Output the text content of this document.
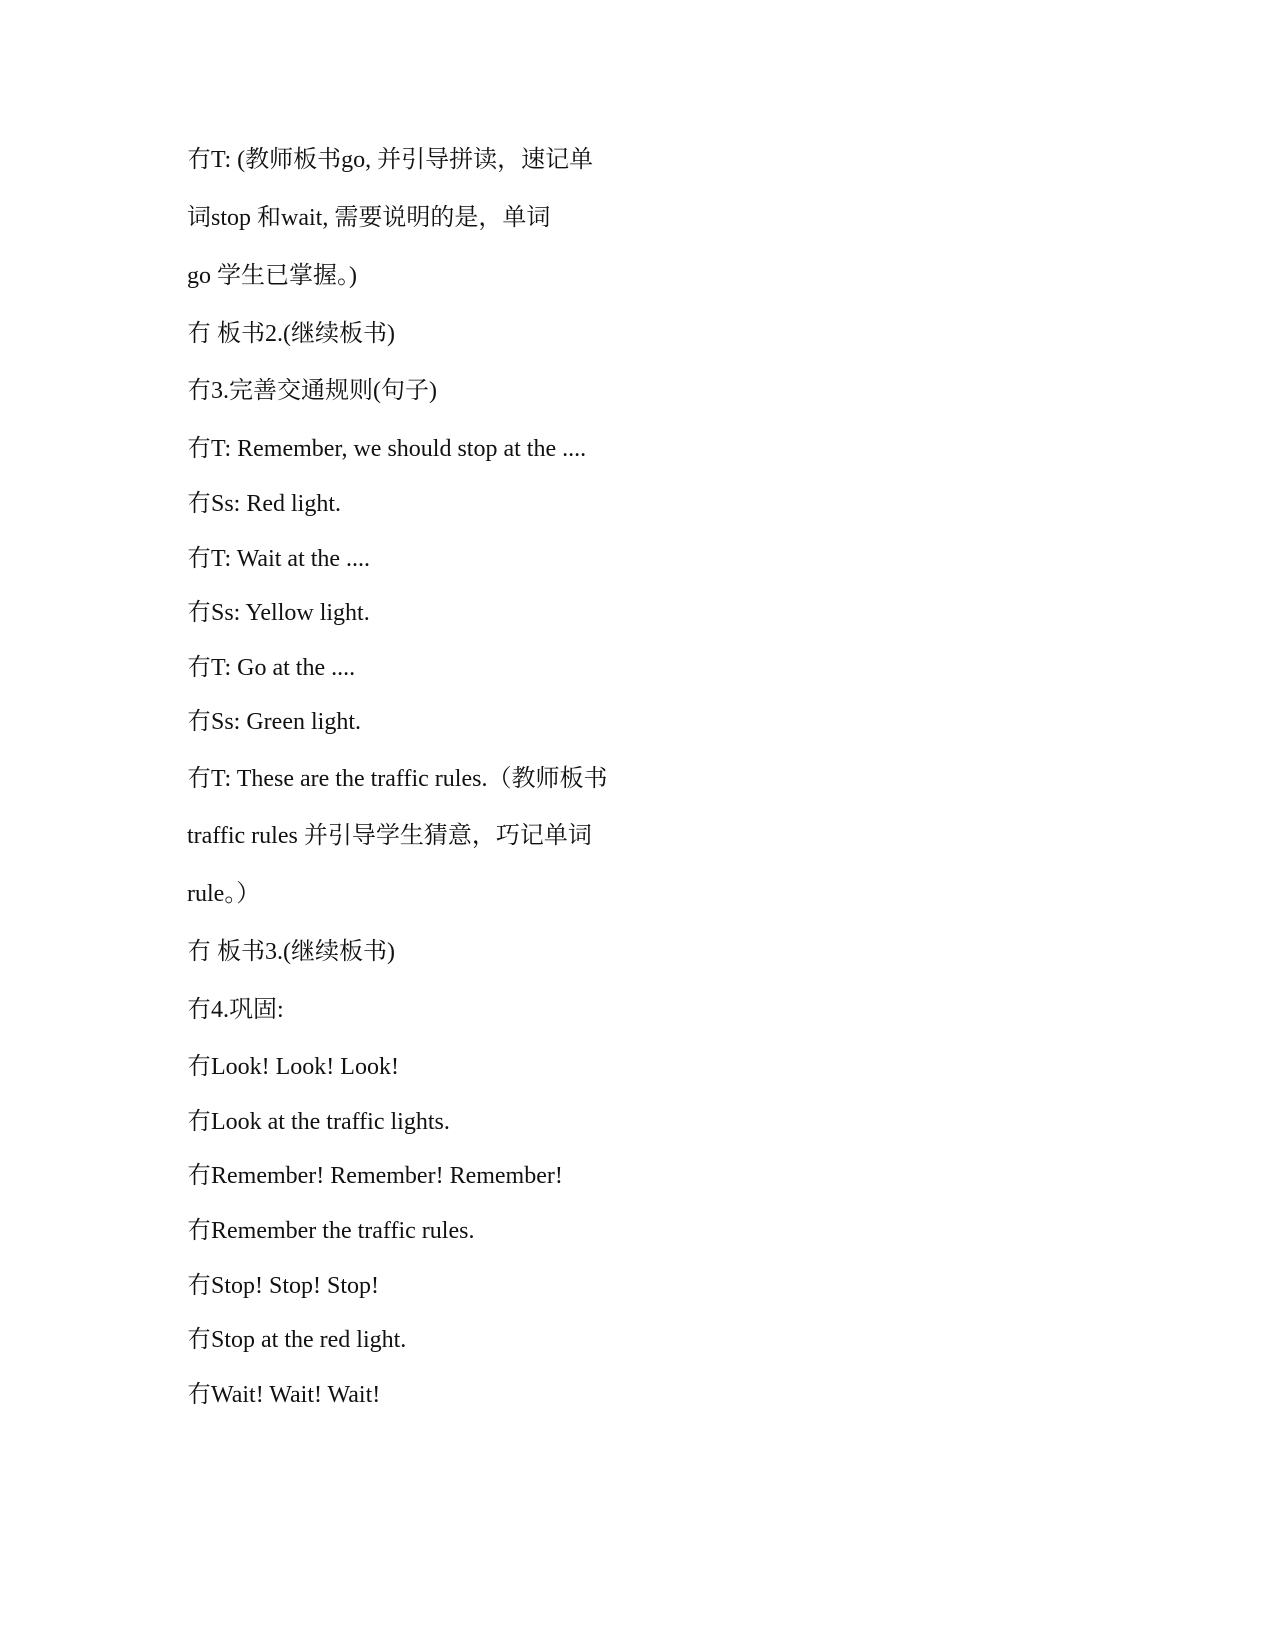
冇T: (教师板书go, 并引导拼读，速记单

词stop 和wait, 需要说明的是，单词

go 学生已掌握。)

冇 板书2.(继续板书)

冇3.完善交通规则(句子)

冇T: Remember, we should stop at the ....

冇Ss: Red light.

冇T: Wait at the ....

冇Ss: Yellow light.

冇T: Go at the ....

冇Ss: Green light.

冇T: These are the traffic rules.（教师板书

traffic rules 并引导学生猜意，巧记单词

rule。）

冇 板书3.(继续板书)

冇4.巩固:

冇Look! Look! Look!

冇Look at the traffic lights.

冇Remember! Remember! Remember!

冇Remember the traffic rules.

冇Stop! Stop! Stop!

冇Stop at the red light.

冇Wait! Wait! Wait!
